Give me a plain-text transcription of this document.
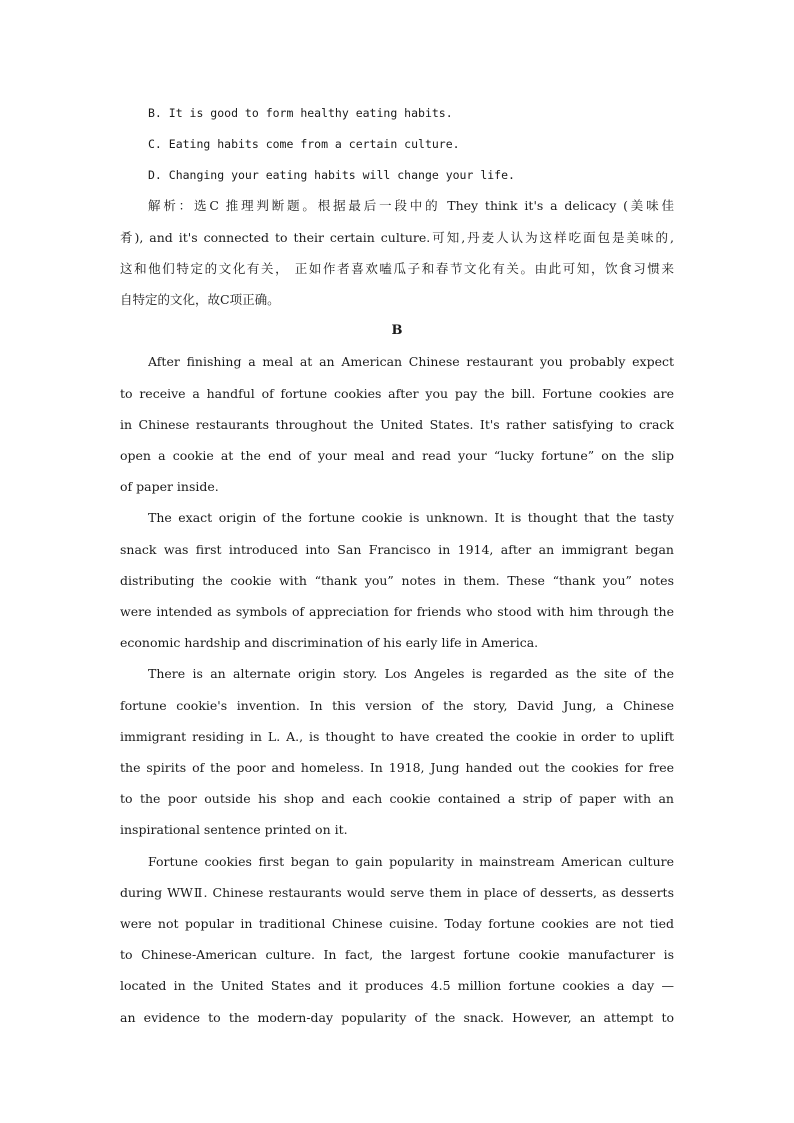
B. It is good to form healthy eating habits.
C. Eating habits come from a certain culture.
D. Changing your eating habits will change your life.
解析：选C 推理判断题。根据最后一段中的 They think it's a delicacy (美味佳
肴), and it's connected to their certain culture.可知,丹麦人认为这样吃面包是美味的,
这和他们特定的文化有关， 正如作者喜欢嗑瓜子和春节文化有关。由此可知，饮食习惯来
自特定的文化，故C项正确。
B
After finishing a meal at an American Chinese restaurant you probably expect
to receive a handful of fortune cookies after you pay the bill. Fortune cookies are
in Chinese restaurants throughout the United States. It's rather satisfying to crack
open a cookie at the end of your meal and read your “lucky fortune” on the slip
of paper inside.
The exact origin of the fortune cookie is unknown. It is thought that the tasty
snack was first introduced into San Francisco in 1914, after an immigrant began
distributing the cookie with “thank you” notes in them. These “thank you” notes
were intended as symbols of appreciation for friends who stood with him through the
economic hardship and discrimination of his early life in America.
There is an alternate origin story. Los Angeles is regarded as the site of the
fortune cookie's invention. In this version of the story, David Jung, a Chinese
immigrant residing in L. A., is thought to have created the cookie in order to uplift
the spirits of the poor and homeless. In 1918, Jung handed out the cookies for free
to the poor outside his shop and each cookie contained a strip of paper with an
inspirational sentence printed on it.
Fortune cookies first began to gain popularity in mainstream American culture
during WWⅡ. Chinese restaurants would serve them in place of desserts, as desserts
were not popular in traditional Chinese cuisine. Today fortune cookies are not tied
to Chinese-American culture. In fact, the largest fortune cookie manufacturer is
located in the United States and it produces 4.5 million fortune cookies a day —
an evidence to the modern-day popularity of the snack. However, an attempt to
